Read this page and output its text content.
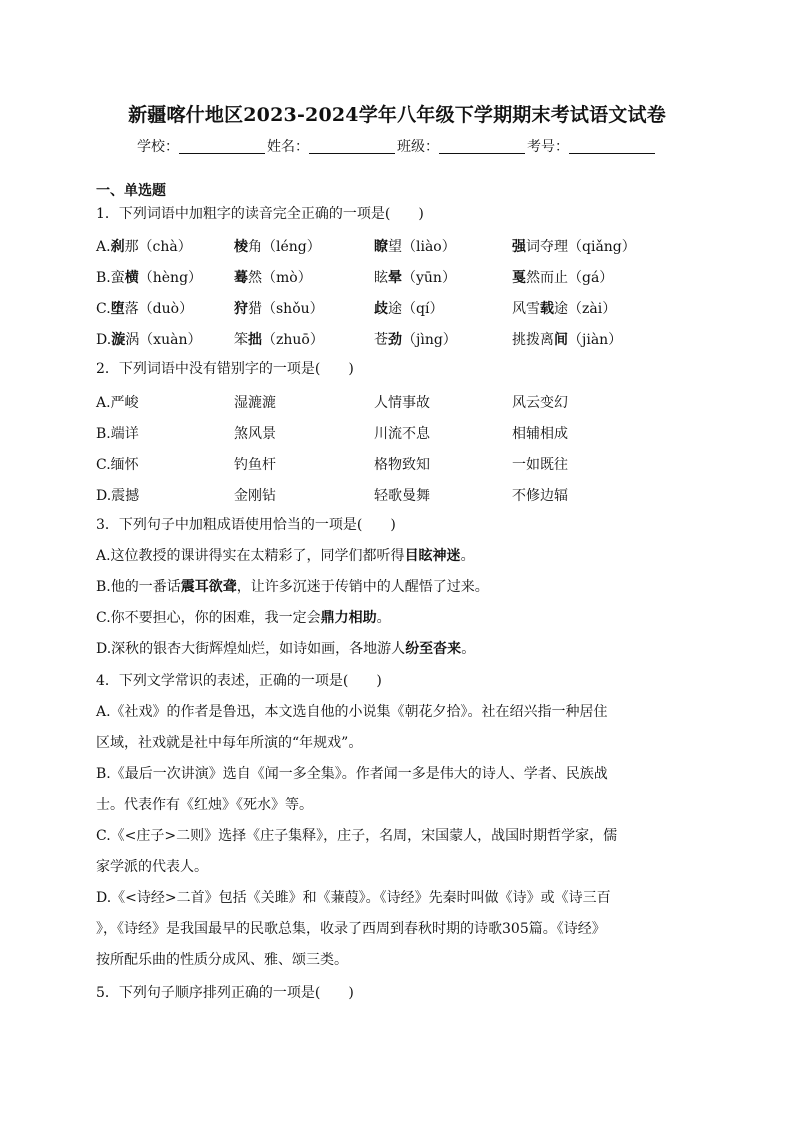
新疆喀什地区2023-2024学年八年级下学期期末考试语文试卷
学校：	姓名：	班级：	考号：
一、单选题
1．下列词语中加粗字的读音完全正确的一项是(　　)
A.刹那（chà）	棱角（léng）	瞭望（liào）	强词夺理（qiǎng）
B.蛮横（hèng） 蓦然（mò）	眩晕（yūn）	戛然而止（gá）
C.堕落（duò）	狩猎（shǒu）	歧途（qí）	风雪载途（zài）
D.漩涡（xuàn） 笨拙（zhuō）	苍劲（jìng）	挑拨离间（jiàn）
2．下列词语中没有错别字的一项是(　　)
A.严峻	湿漉漉	人情事故	风云变幻
B.端详	煞风景	川流不息	相辅相成
C.缅怀	钓鱼杆	格物致知	一如既往
D.震撼	金刚钻	轻歌曼舞	不修边辐
3．下列句子中加粗成语使用恰当的一项是(　　)
A.这位教授的课讲得实在太精彩了，同学们都听得目眩神迷。
B.他的一番话震耳欲聋，让许多沉迷于传销中的人醒悟了过来。
C.你不要担心，你的困难，我一定会鼎力相助。
D.深秋的银杏大街辉煌灿烂，如诗如画，各地游人纷至沓来。
4．下列文学常识的表述，正确的一项是(　　)
A.《社戏》的作者是鲁迅，本文选自他的小说集《朝花夕拾》。社在绍兴指一种居住
区域，社戏就是社中每年所演的“年规戏”。
B.《最后一次讲演》选自《闻一多全集》。作者闻一多是伟大的诗人、学者、民族战
士。代表作有《红烛》《死水》等。
C.《<庄子>二则》选择《庄子集释》，庄子，名周，宋国蒙人，战国时期哲学家，儒
家学派的代表人。
D.《<诗经>二首》包括《关雎》和《蒹葭》。《诗经》先秦时叫做《诗》或《诗三百
》，《诗经》是我国最早的民歌总集，收录了西周到春秋时期的诗歌305篇。《诗经》
按所配乐曲的性质分成风、雅、颂三类。
5．下列句子顺序排列正确的一项是(　　)
